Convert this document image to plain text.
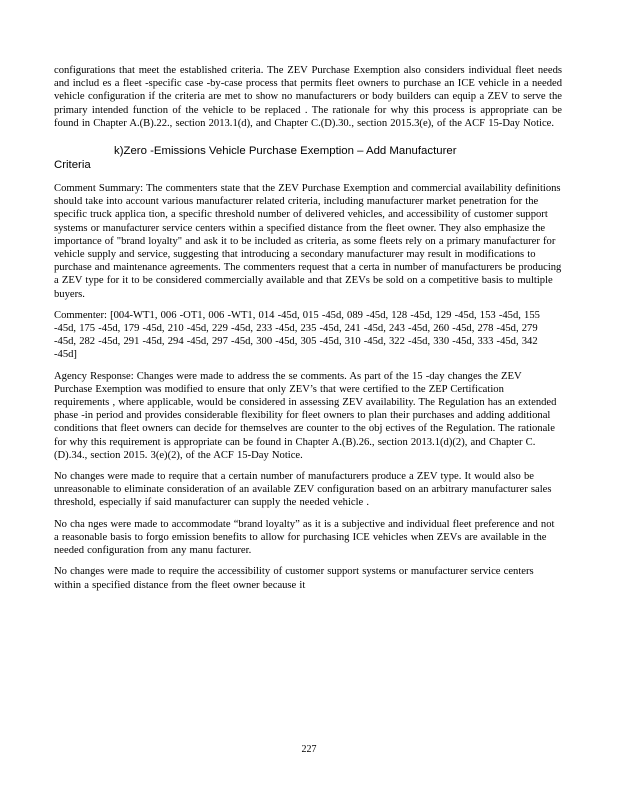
configurations that meet the established criteria. The ZEV Purchase Exemption also considers individual fleet needs and includ es a fleet -specific case -by-case process that permits fleet owners to purchase an ICE vehicle in a needed vehicle configuration if the criteria are met to show no manufacturers or body builders can equip a ZEV to serve the primary intended function of the vehicle to be replaced . The rationale for why this process is appropriate can be found in Chapter A.(B).22., section 2013.1(d), and Chapter C.(D).30., section 2015.3(e), of the ACF 15-Day Notice.

k)Zero -Emissions Vehicle Purchase Exemption – Add Manufacturer
Criteria

Comment Summary: The commenters state that the ZEV Purchase Exemption and commercial availability definitions should take into account various manufacturer related criteria, including manufacturer market penetration for the specific truck applica tion, a specific threshold number of delivered vehicles, and accessibility of customer support systems or manufacturer service centers within a specified distance from the fleet owner. They also emphasize the importance of "brand loyalty" and ask it to be included as criteria, as some fleets rely on a primary manufacturer for vehicle supply and service, suggesting that introducing a secondary manufacturer may result in modifications to purchase and maintenance agreements. The commenters request that a certa in number of manufacturers be producing a ZEV type for it to be considered commercially available and that ZEVs be sold on a competitive basis to multiple buyers.

Commenter: [004-WT1, 006 -OT1, 006 -WT1, 014 -45d, 015 -45d, 089 -45d, 128 -45d, 129 -45d, 153 -45d, 155 -45d, 175 -45d, 179 -45d, 210 -45d, 229 -45d, 233 -45d, 235 -45d, 241 -45d, 243 -45d, 260 -45d, 278 -45d, 279 -45d, 282 -45d, 291 -45d, 294 -45d, 297 -45d, 300 -45d, 305 -45d, 310 -45d, 322 -45d, 330 -45d, 333 -45d, 342 -45d]

Agency Response: Changes were made to address the se comments. As part of the 15 -day changes the ZEV Purchase Exemption was modified to ensure that only ZEV’s that were certified to the ZEP Certification requirements , where applicable, would be considered in assessing ZEV availability. The Regulation has an extended phase -in period and provides considerable flexibility for fleet owners to plan their purchases and adding additional conditions that fleet owners can decide for themselves are counter to the obj ectives of the Regulation. The rationale for why this requirement is appropriate can be found in Chapter A.(B).26., section 2013.1(d)(2), and Chapter C.(D).34., section 2015. 3(e)(2), of the ACF 15-Day Notice.

No changes were made to require that a certain number of manufacturers produce a ZEV type. It would also be unreasonable to eliminate consideration of an available ZEV configuration based on an arbitrary manufacturer sales threshold, especially if said manufacturer can supply the needed vehicle .

No cha nges were made to accommodate “brand loyalty” as it is a subjective and individual fleet preference and not a reasonable basis to forgo emission benefits to allow for purchasing ICE vehicles when ZEVs are available in the needed configuration from any manu facturer.

No changes were made to require the accessibility of customer support systems or manufacturer service centers within a specified distance from the fleet owner because it

227
